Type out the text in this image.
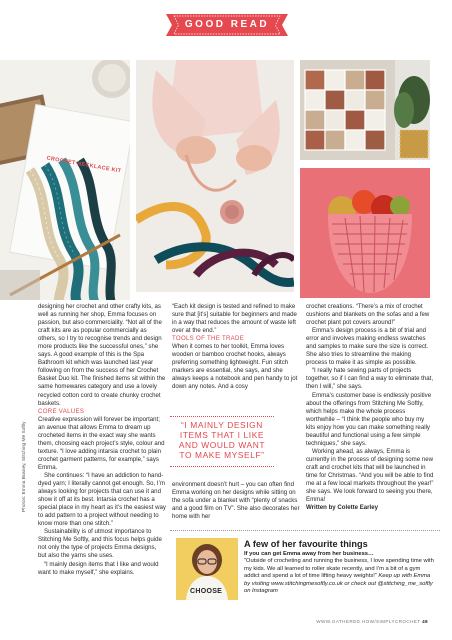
GOOD READ
CROCHET NECKLACE KIT
Photos: Emma Bussey, Stitching Me Softly

designing her crochet and other crafty kits, as well as running her shop, Emma focuses on passion, but also commerciality. “Not all of the craft kits are as popular commercially as others, so I try to recognise trends and design more products like the successful ones,” she says. A good example of this is the Spa Bathroom kit which was launched last year following on from the success of her Crochet Basket Duo kit. The finished items sit within the same homewares category and use a lovely recycled cotton cord to create chunky crochet baskets.

CORE VALUES

Creative expression will forever be important; an avenue that allows Emma to dream up crocheted items in the exact way she wants them, choosing each project’s style, colour and texture. “I love adding intarsia crochet to plain crochet garment patterns, for example,” says Emma.

She continues: “I have an addiction to hand-dyed yarn; I literally cannot get enough. So, I’m always looking for projects that can use it and show it off at its best. Intarsia crochet has a special place in my heart as it’s the easiest way to add pattern to a project without needing to know more than one stitch.”

Sustainability is of utmost importance to Stitching Me Softly, and this focus helps guide not only the type of projects Emma designs, but also the yarns she uses.

“I mainly design items that I like and would want to make myself,” she explains.

“Each kit design is tested and refined to make sure that [it’s] suitable for beginners and made in a way that reduces the amount of waste left over at the end.”

TOOLS OF THE TRADE

When it comes to her toolkit, Emma loves wooden or bamboo crochet hooks, always preferring something lightweight. Fun stitch markers are essential, she says, and she always keeps a notebook and pen handy to jot down any notes. And a cosy

“I MAINLY DESIGN ITEMS THAT I LIKE AND WOULD WANT TO MAKE MYSELF”

environment doesn’t hurt – you can often find Emma working on her designs while sitting on the sofa under a blanket with “plenty of snacks and a good film on TV”. She also decorates her home with her

crochet creations. “There’s a mix of crochet cushions and blankets on the sofas and a few crochet plant pot covers around!”

Emma’s design process is a bit of trial and error and involves making endless swatches and samples to make sure the size is correct. She also tries to streamline the making process to make it as simple as possible.

“I really hate sewing parts of projects together, so if I can find a way to eliminate that, then I will,” she says.

Emma’s customer base is endlessly positive about the offerings from Stitching Me Softly, which helps make the whole process worthwhile – “I think the people who buy my kits enjoy how you can make something really beautiful and functional using a few simple techniques,” she says.

Working ahead, as always, Emma is currently in the process of designing some new craft and crochet kits that will be launched in time for Christmas. “And you will be able to find me at a few local markets throughout the year!” she says. We look forward to seeing you there, Emma!

Written by Colette Earley

CHOOSE
A few of her favourite things
If you can get Emma away from her business…
“Outside of crocheting and running the business, I love spending time with my kids. We all learned to roller skate recently, and I’m a bit of a gym addict and spend a lot of time lifting heavy weights!” Keep up with Emma by visiting www.stitchingmesoftly.co.uk or check out @stitching_me_softly on Instagram
WWW.GATHERED.HOW/SIMPLYCROCHET 49
